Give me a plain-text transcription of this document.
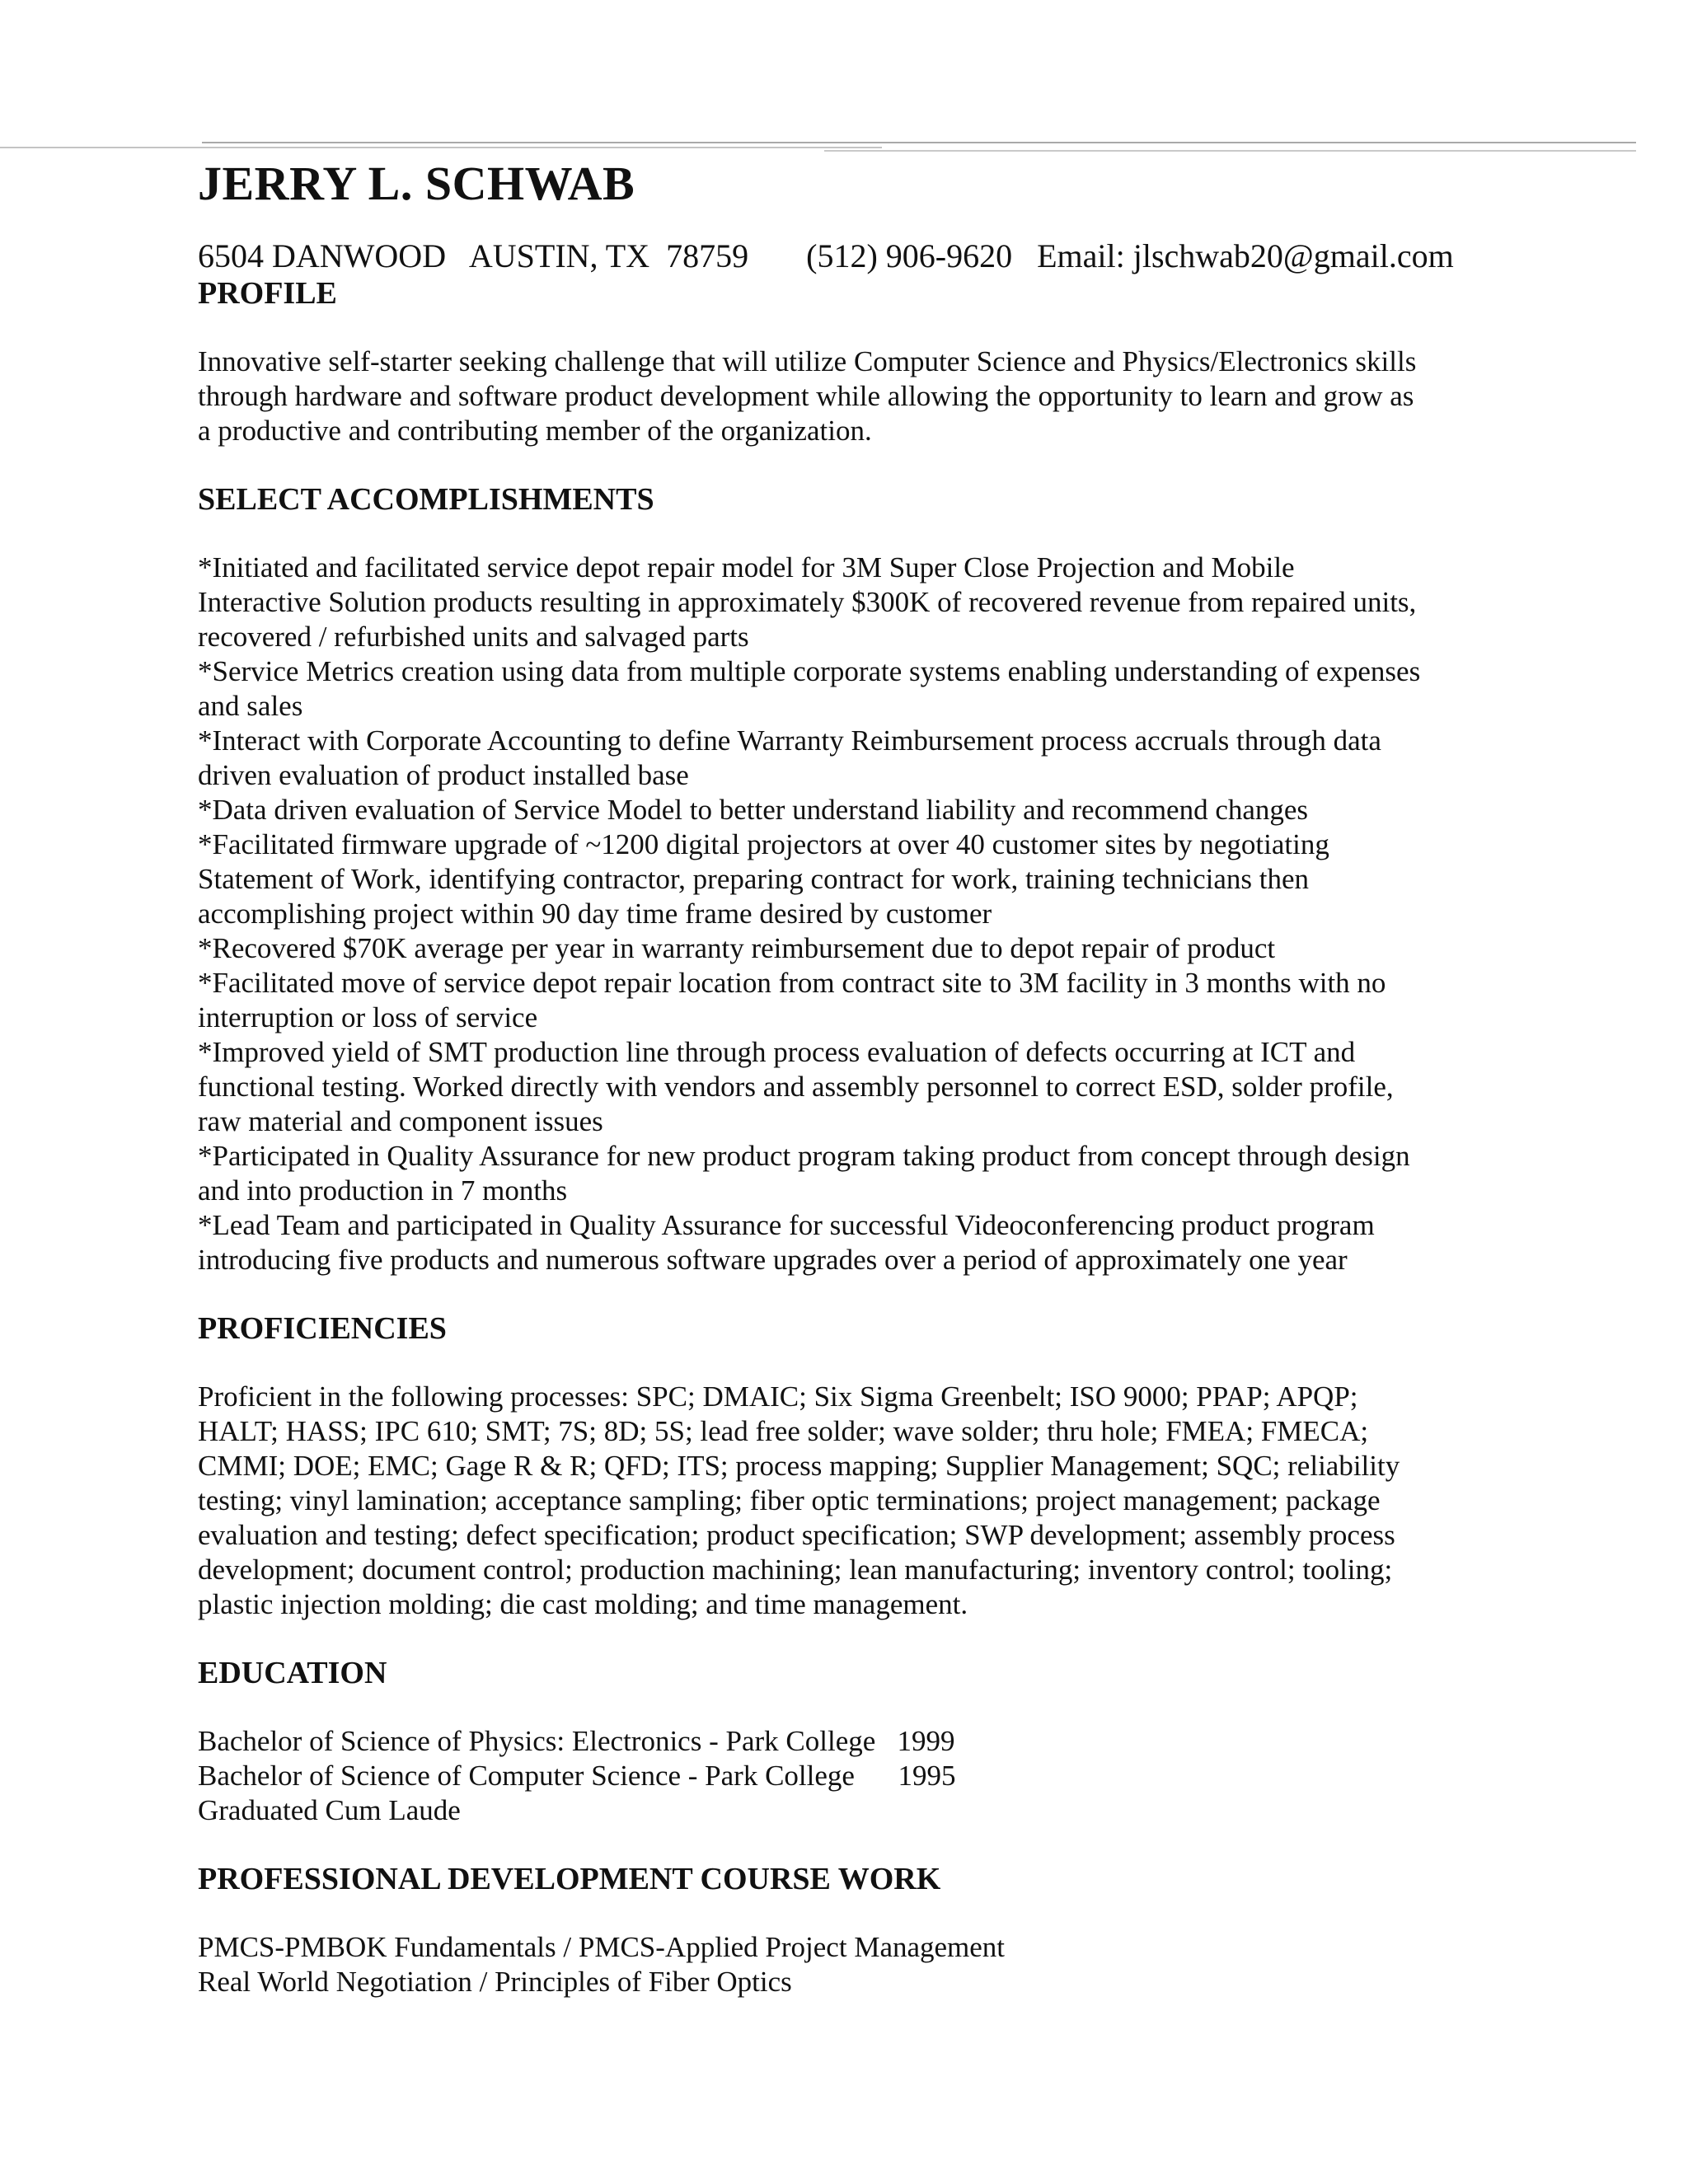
JERRY L. SCHWAB
6504 DANWOOD   AUSTIN, TX  78759       (512) 906-9620   Email: jlschwab20@gmail.com
PROFILE
Innovative self-starter seeking challenge that will utilize Computer Science and Physics/Electronics skills
through hardware and software product development while allowing the opportunity to learn and grow as
a productive and contributing member of the organization.
SELECT ACCOMPLISHMENTS
*Initiated and facilitated service depot repair model for 3M Super Close Projection and Mobile
Interactive Solution products resulting in approximately $300K of recovered revenue from repaired units,
recovered / refurbished units and salvaged parts
*Service Metrics creation using data from multiple corporate systems enabling understanding of expenses
and sales
*Interact with Corporate Accounting to define Warranty Reimbursement process accruals through data
driven evaluation of product installed base
*Data driven evaluation of Service Model to better understand liability and recommend changes
*Facilitated firmware upgrade of ~1200 digital projectors at over 40 customer sites by negotiating
Statement of Work, identifying contractor, preparing contract for work, training technicians then
accomplishing project within 90 day time frame desired by customer
*Recovered $70K average per year in warranty reimbursement due to depot repair of product
*Facilitated move of service depot repair location from contract site to 3M facility in 3 months with no
interruption or loss of service
*Improved yield of SMT production line through process evaluation of defects occurring at ICT and
functional testing. Worked directly with vendors and assembly personnel to correct ESD, solder profile,
raw material and component issues
*Participated in Quality Assurance for new product program taking product from concept through design
and into production in 7 months
*Lead Team and participated in Quality Assurance for successful Videoconferencing product program
introducing five products and numerous software upgrades over a period of approximately one year
PROFICIENCIES
Proficient in the following processes: SPC; DMAIC; Six Sigma Greenbelt; ISO 9000; PPAP; APQP;
HALT; HASS; IPC 610; SMT; 7S; 8D; 5S; lead free solder; wave solder; thru hole; FMEA; FMECA;
CMMI; DOE; EMC; Gage R & R; QFD; ITS; process mapping; Supplier Management; SQC; reliability
testing; vinyl lamination; acceptance sampling; fiber optic terminations; project management; package
evaluation and testing; defect specification; product specification; SWP development; assembly process
development; document control; production machining; lean manufacturing; inventory control; tooling;
plastic injection molding; die cast molding; and time management.
EDUCATION
Bachelor of Science of Physics: Electronics - Park College   1999
Bachelor of Science of Computer Science - Park College      1995
Graduated Cum Laude
PROFESSIONAL DEVELOPMENT COURSE WORK
PMCS-PMBOK Fundamentals / PMCS-Applied Project Management
Real World Negotiation / Principles of Fiber Optics
